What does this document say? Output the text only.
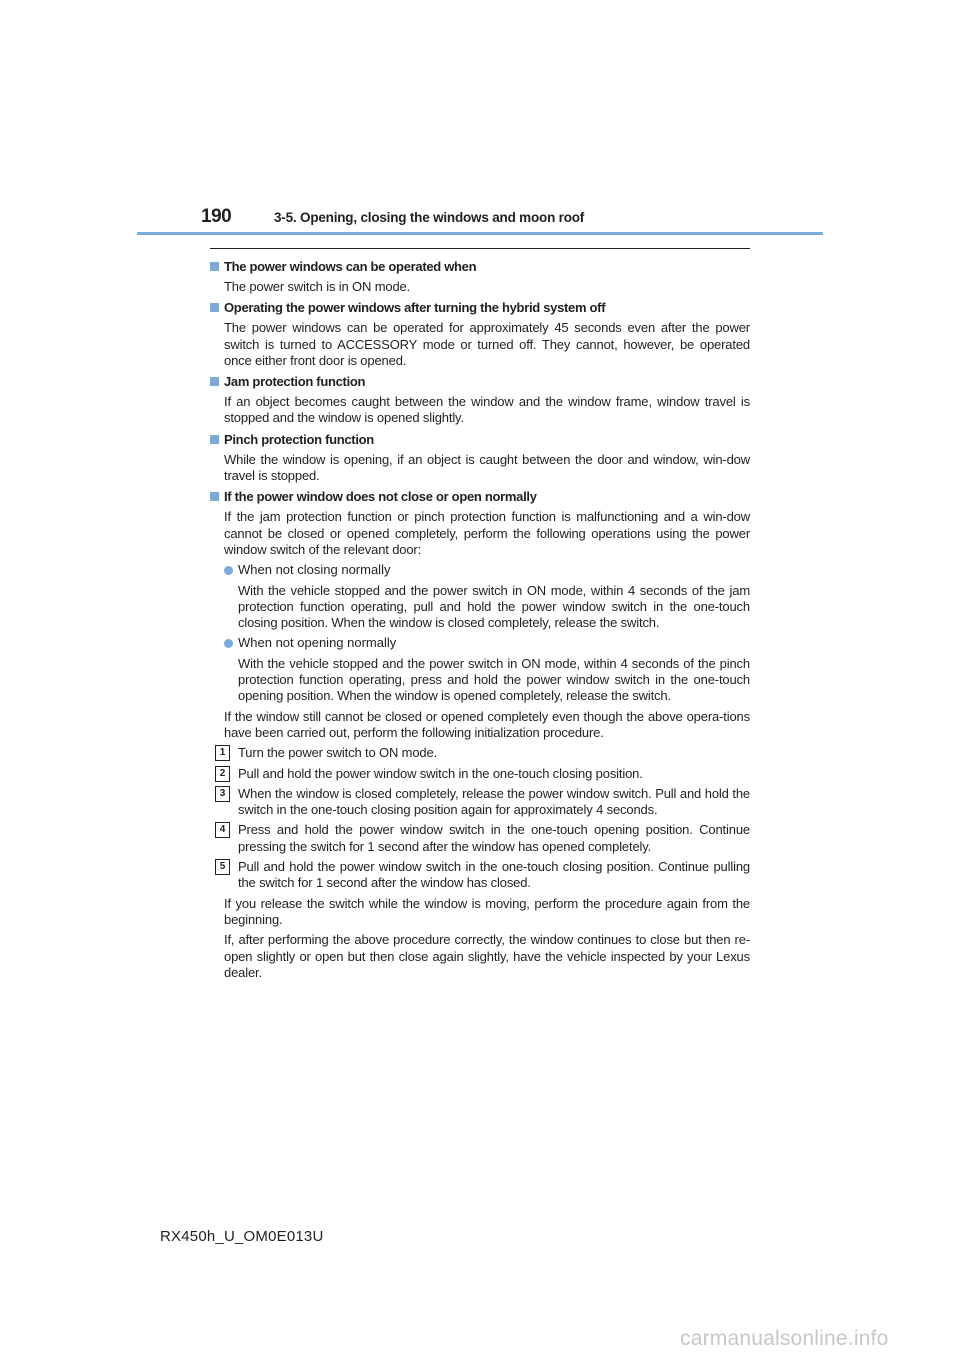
190	3-5. Opening, closing the windows and moon roof
The power windows can be operated when
The power switch is in ON mode.
Operating the power windows after turning the hybrid system off
The power windows can be operated for approximately 45 seconds even after the power switch is turned to ACCESSORY mode or turned off. They cannot, however, be operated once either front door is opened.
Jam protection function
If an object becomes caught between the window and the window frame, window travel is stopped and the window is opened slightly.
Pinch protection function
While the window is opening, if an object is caught between the door and window, win-dow travel is stopped.
If the power window does not close or open normally
If the jam protection function or pinch protection function is malfunctioning and a win-dow cannot be closed or opened completely, perform the following operations using the power window switch of the relevant door:
When not closing normally
With the vehicle stopped and the power switch in ON mode, within 4 seconds of the jam protection function operating, pull and hold the power window switch in the one-touch closing position. When the window is closed completely, release the switch.
When not opening normally
With the vehicle stopped and the power switch in ON mode, within 4 seconds of the pinch protection function operating, press and hold the power window switch in the one-touch opening position. When the window is opened completely, release the switch.
If the window still cannot be closed or opened completely even though the above opera-tions have been carried out, perform the following initialization procedure.
1 Turn the power switch to ON mode.
2 Pull and hold the power window switch in the one-touch closing position.
3 When the window is closed completely, release the power window switch. Pull and hold the switch in the one-touch closing position again for approximately 4 seconds.
4 Press and hold the power window switch in the one-touch opening position. Continue pressing the switch for 1 second after the window has opened completely.
5 Pull and hold the power window switch in the one-touch closing position. Continue pulling the switch for 1 second after the window has closed.
If you release the switch while the window is moving, perform the procedure again from the beginning.
If, after performing the above procedure correctly, the window continues to close but then re-open slightly or open but then close again slightly, have the vehicle inspected by your Lexus dealer.
RX450h_U_OM0E013U
carmanualsonline.info
